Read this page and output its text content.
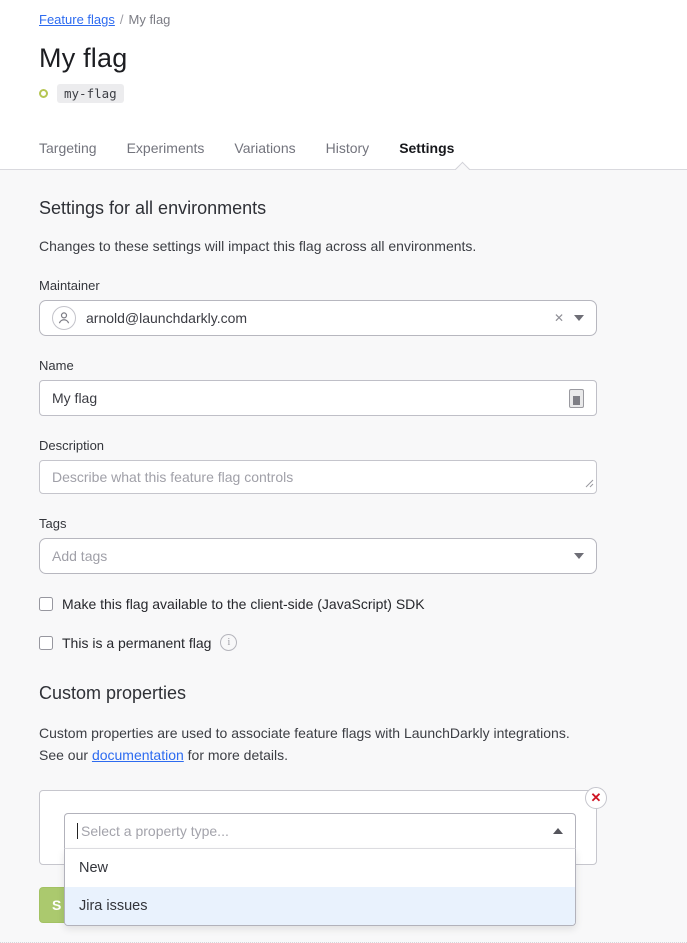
Feature flags / My flag
My flag
my-flag
Targeting Experiments Variations History Settings
Settings for all environments

Changes to these settings will impact this flag across all environments.

Maintainer
arnold@launchdarkly.com	✕
Name
My flag
Description
Describe what this feature flag controls
Tags
Add tags
Make this flag available to the client-side (JavaScript) SDK
This is a permanent flag	i
Custom properties

Custom properties are used to associate feature flags with LaunchDarkly integrations. See our documentation for more details.

✕
Select a property type...
New
Jira issues
S
